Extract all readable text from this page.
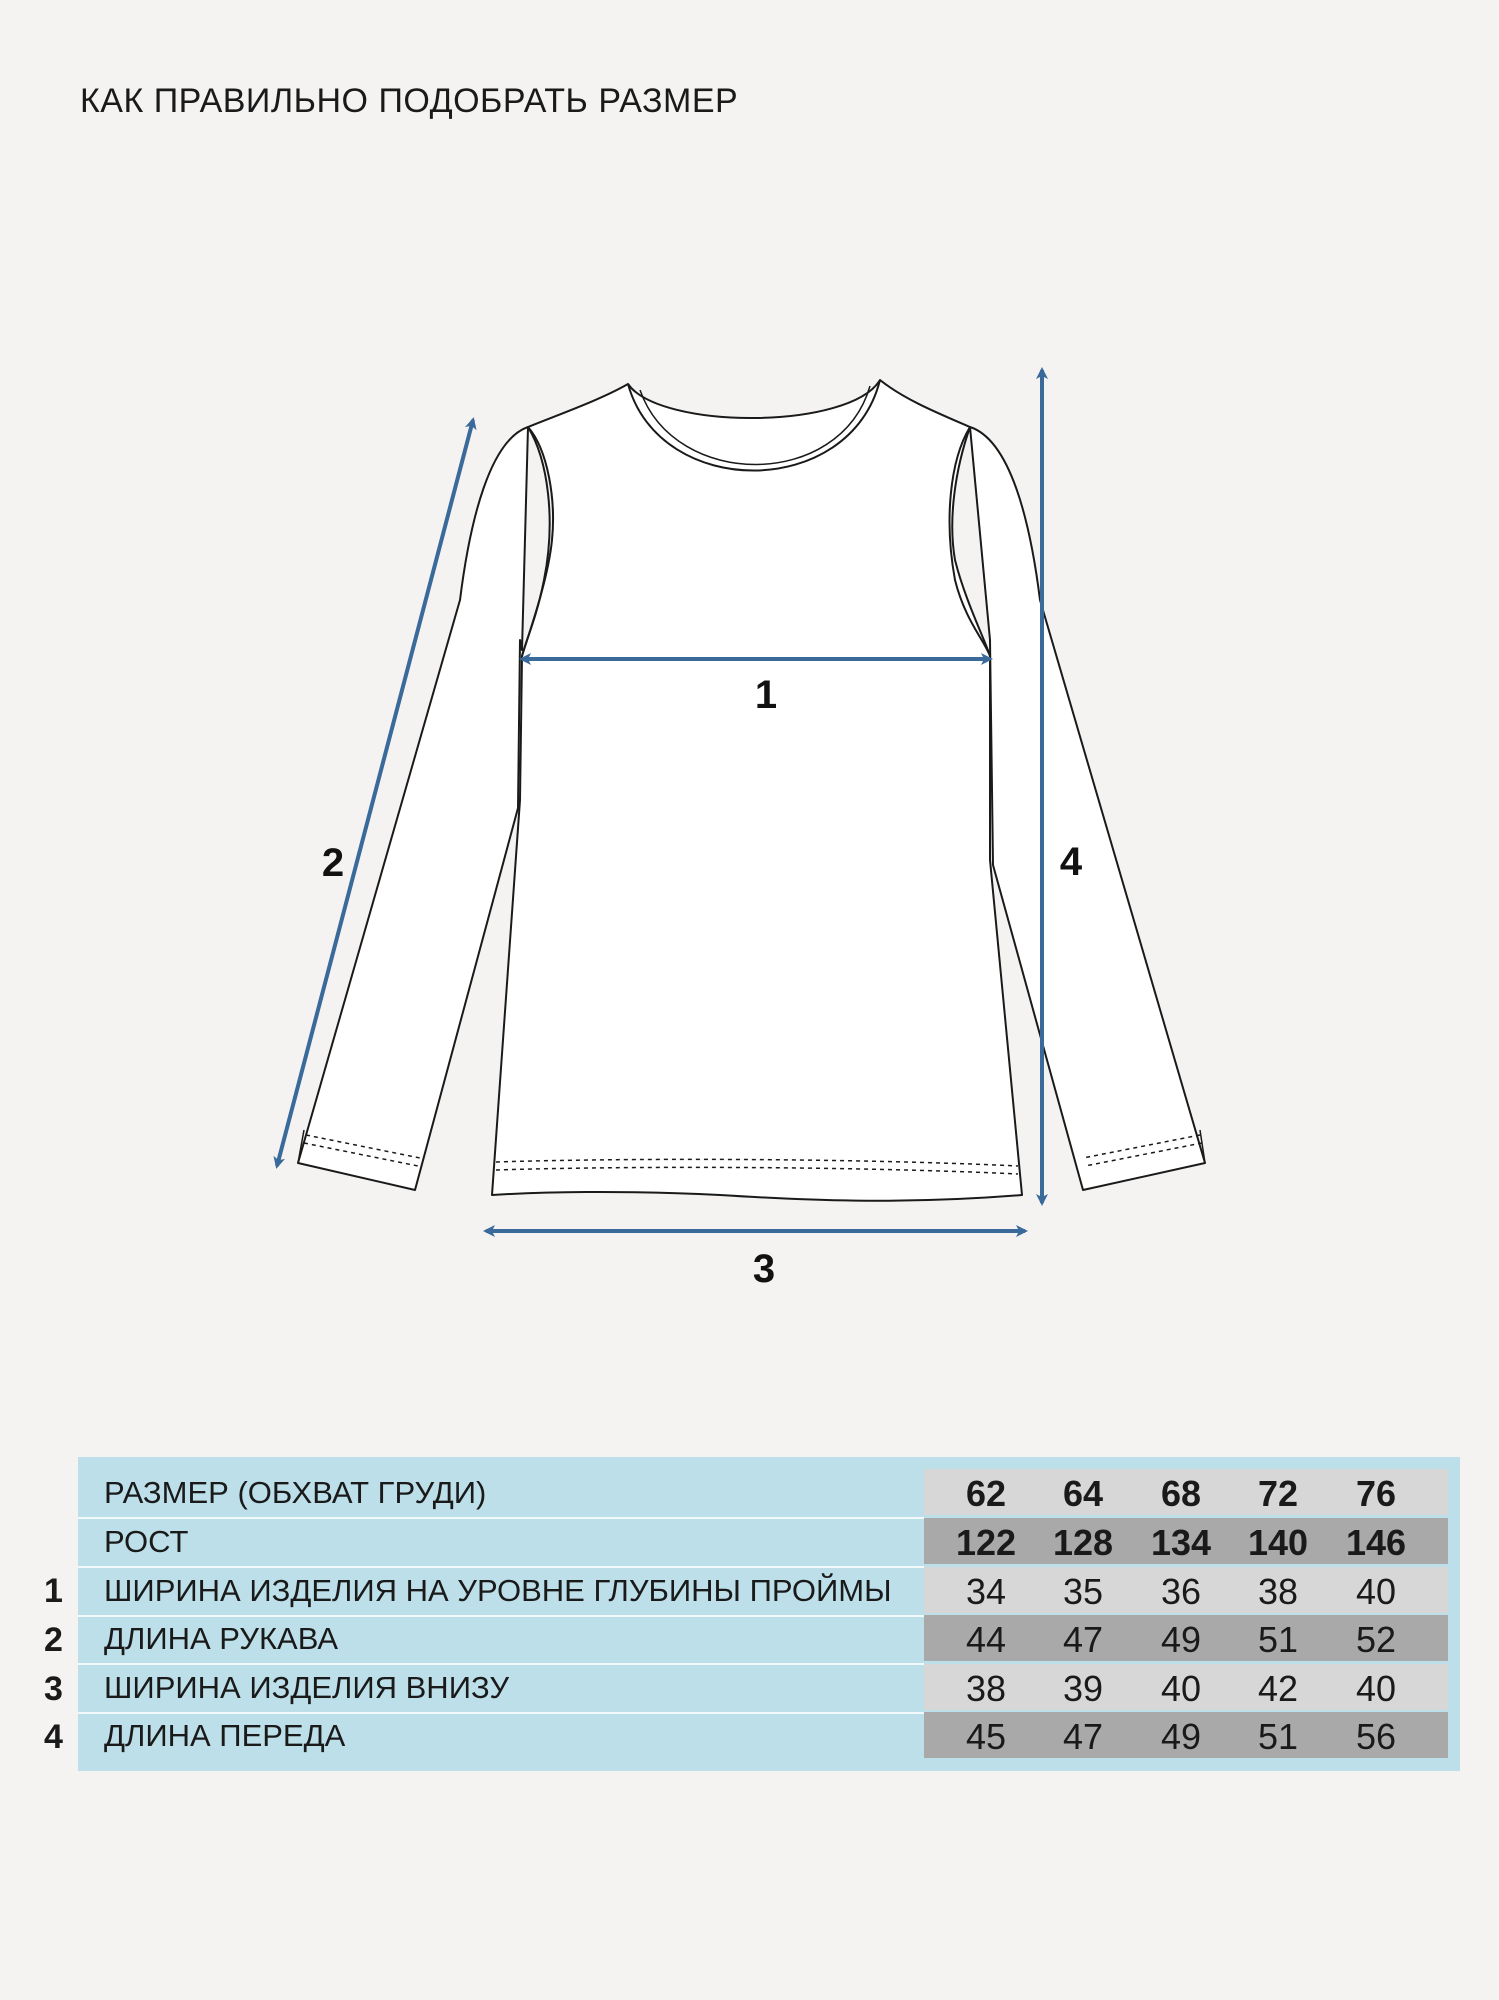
КАК ПРАВИЛЬНО ПОДОБРАТЬ РАЗМЕР
1
2
3
4
РАЗМЕР (ОБХВАТ ГРУДИ)	62	64	68	72	76
РОСТ	122	128	134	140	146
ШИРИНА ИЗДЕЛИЯ НА УРОВНЕ ГЛУБИНЫ ПРОЙМЫ	34	35	36	38	40
ДЛИНА РУКАВА	44	47	49	51	52
ШИРИНА ИЗДЕЛИЯ ВНИЗУ	38	39	40	42	40
ДЛИНА ПЕРЕДА	45	47	49	51	56
1
2
3
4
